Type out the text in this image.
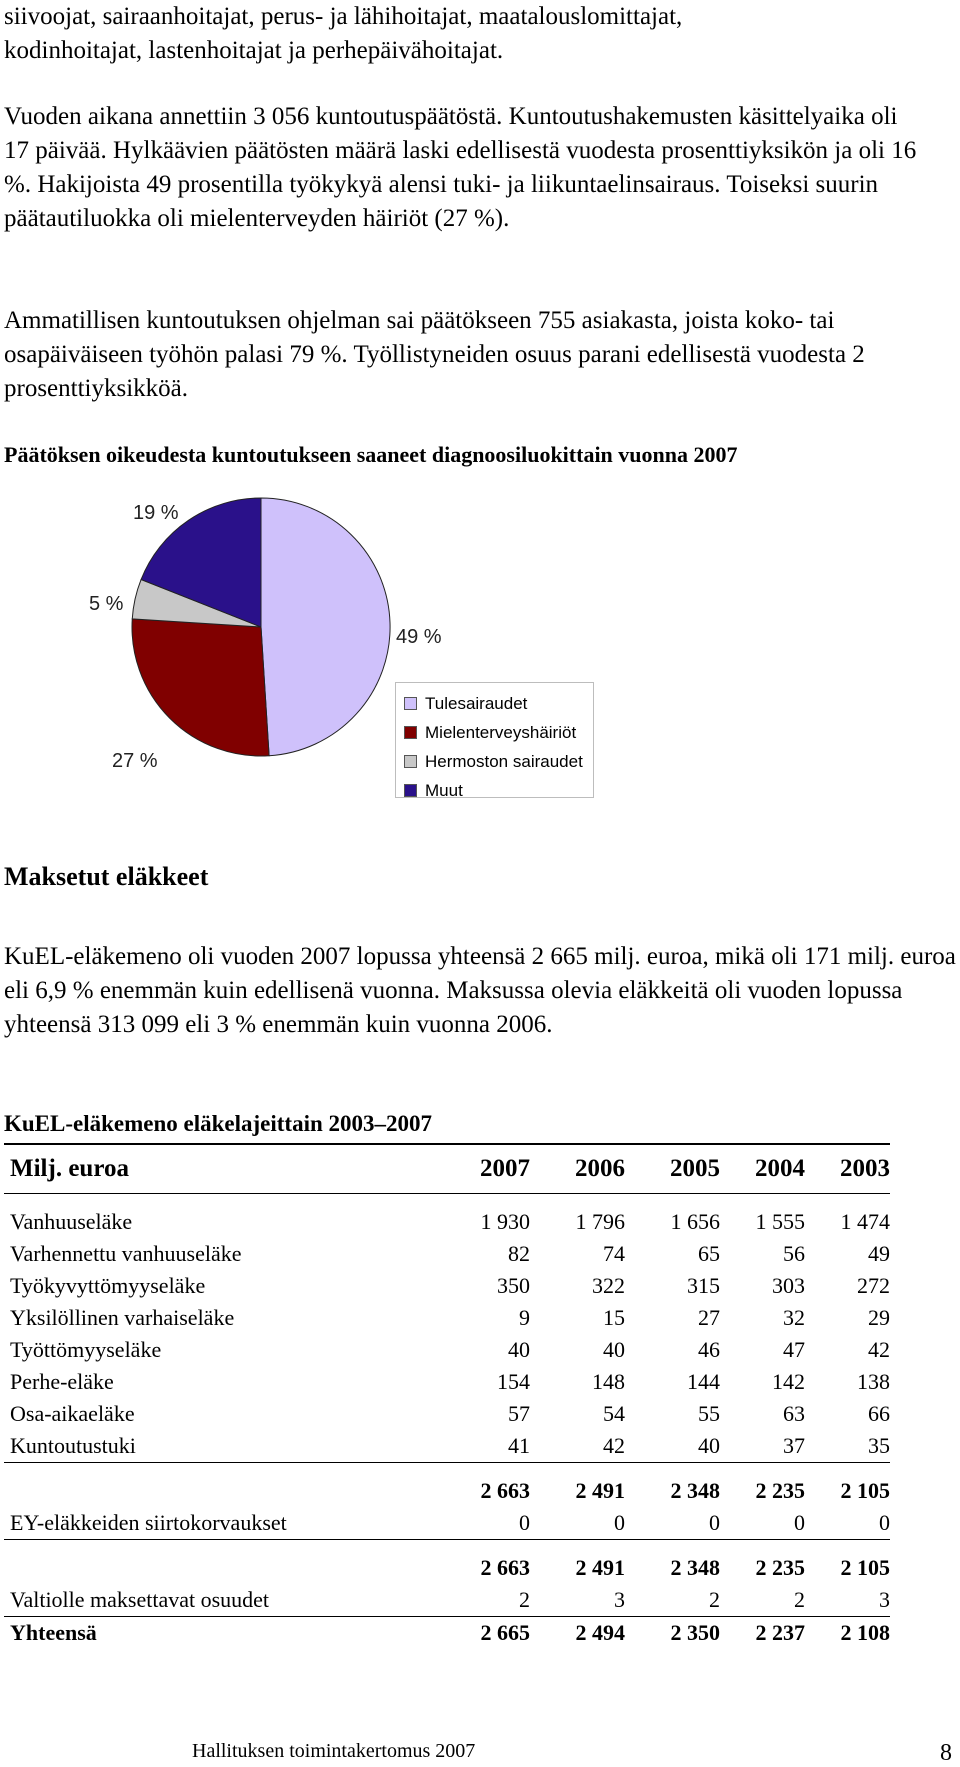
siivoojat, sairaanhoitajat, perus- ja lähihoitajat, maatalouslomittajat,

kodinhoitajat, lastenhoitajat ja perhepäivähoitajat.

Vuoden aikana annettiin 3 056 kuntoutuspäätöstä. Kuntoutushakemusten käsittelyaika oli 17 päivää. Hylkäävien päätösten määrä laski edellisestä vuodesta prosenttiyksikön ja oli 16 %. Hakijoista 49 prosentilla työkykyä alensi tuki- ja liikuntaelinsairaus. Toiseksi suurin päätautiluokka oli mielenterveyden häiriöt (27 %).

Ammatillisen kuntoutuksen ohjelman sai päätökseen 755 asiakasta, joista koko- tai osapäiväiseen työhön palasi 79 %. Työllistyneiden osuus parani edellisestä vuodesta 2 prosenttiyksikköä.

Päätöksen oikeudesta kuntoutukseen saaneet diagnoosiluokittain vuonna 2007

19 %
5 %
49 %
27 %
Tulesairaudet
Mielenterveyshäiriöt
Hermoston sairaudet
Muut

Maksetut eläkkeet

KuEL-eläkemeno oli vuoden 2007 lopussa yhteensä 2 665 milj. euroa, mikä oli 171 milj. euroa eli 6,9 % enemmän kuin edellisenä vuonna. Maksussa olevia eläkkeitä oli vuoden lopussa yhteensä 313 099 eli 3 % enemmän kuin vuonna 2006.

KuEL-eläkemeno eläkelajeittain 2003–2007

Milj. euroa	2007	2006	2005	2004	2003

Vanhuuseläke	1 930	1 796	1 656	1 555	1 474
Varhennettu vanhuuseläke	82	74	65	56	49
Työkyvyttömyyseläke	350	322	315	303	272
Yksilöllinen varhaiseläke	9	15	27	32	29
Työttömyyseläke	40	40	46	47	42
Perhe-eläke	154	148	144	142	138
Osa-aikaeläke	57	54	55	63	66
Kuntoutustuki	41	42	40	37	35

	2 663	2 491	2 348	2 235	2 105
EY-eläkkeiden siirtokorvaukset	0	0	0	0	0

	2 663	2 491	2 348	2 235	2 105
Valtiolle maksettavat osuudet	2	3	2	2	3
Yhteensä	2 665	2 494	2 350	2 237	2 108
Hallituksen toimintakertomus 2007	8
